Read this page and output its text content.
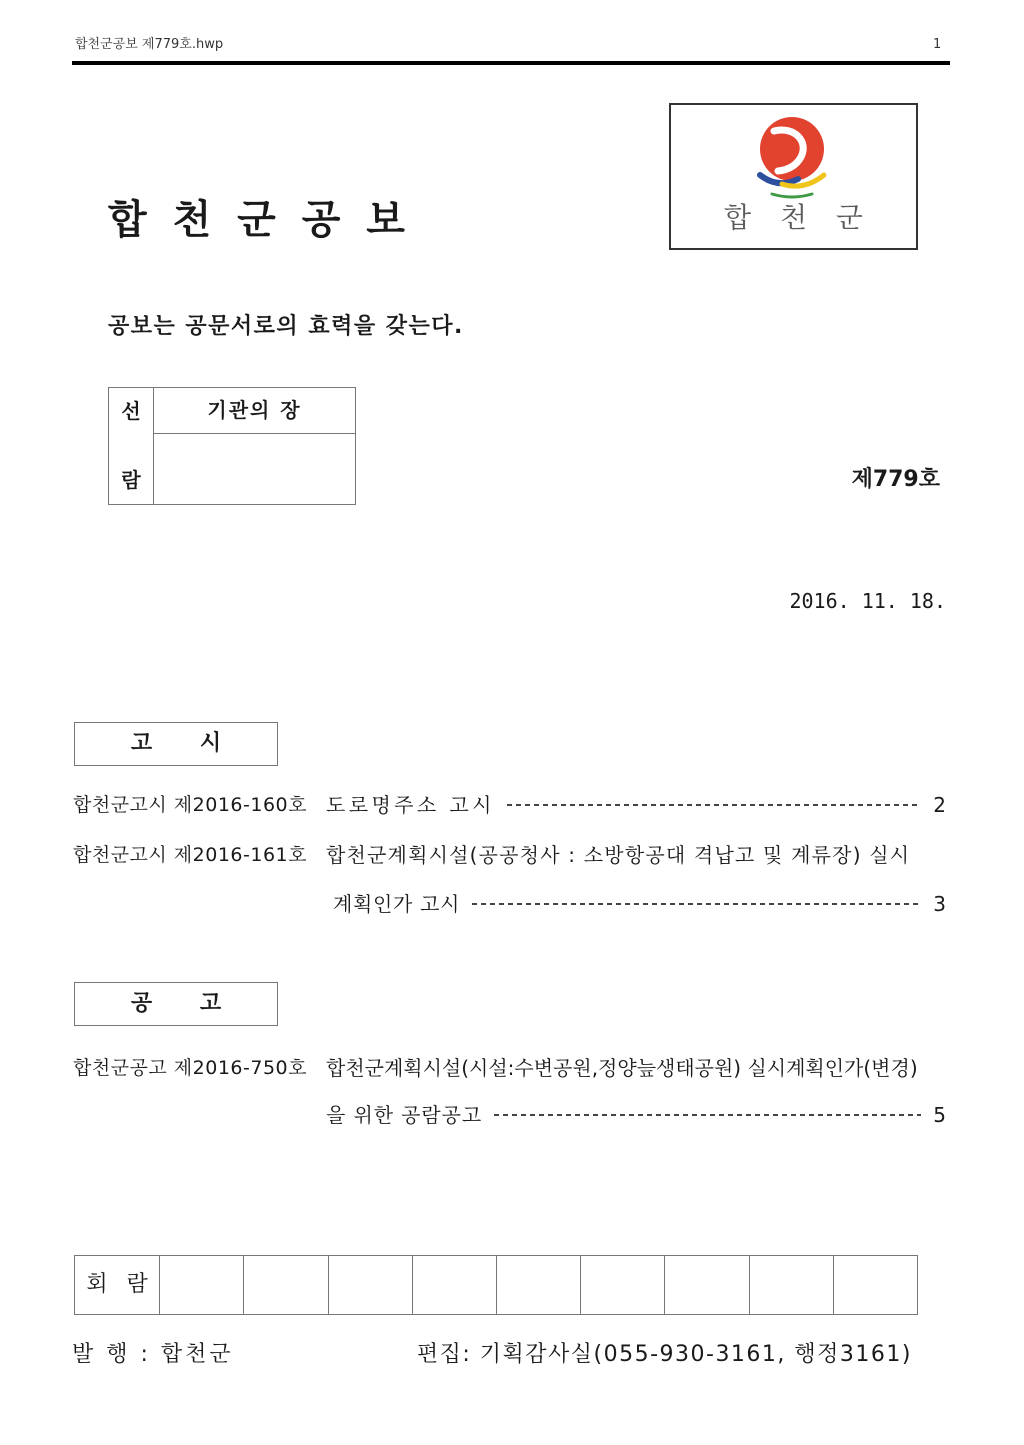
합천군공보 제779호.hwp	1
합 천 군
합 천 군 공 보
공보는 공문서로의 효력을 갖는다.
선
람
기관의 장
제779호
2016. 11. 18.
고 시
합천군고시 제2016-160호 도로명주소 고시	2
합천군고시 제2016-161호 합천군계획시설(공공청사 : 소방항공대 격납고 및 계류장) 실시
계획인가 고시	3
공 고
합천군공고 제2016-750호 합천군계획시설(시설:수변공원,정양늪생태공원) 실시계획인가(변경)
을 위한 공람공고	5
회 람
발 행 : 합천군	편집: 기획감사실(055-930-3161, 행정3161)
